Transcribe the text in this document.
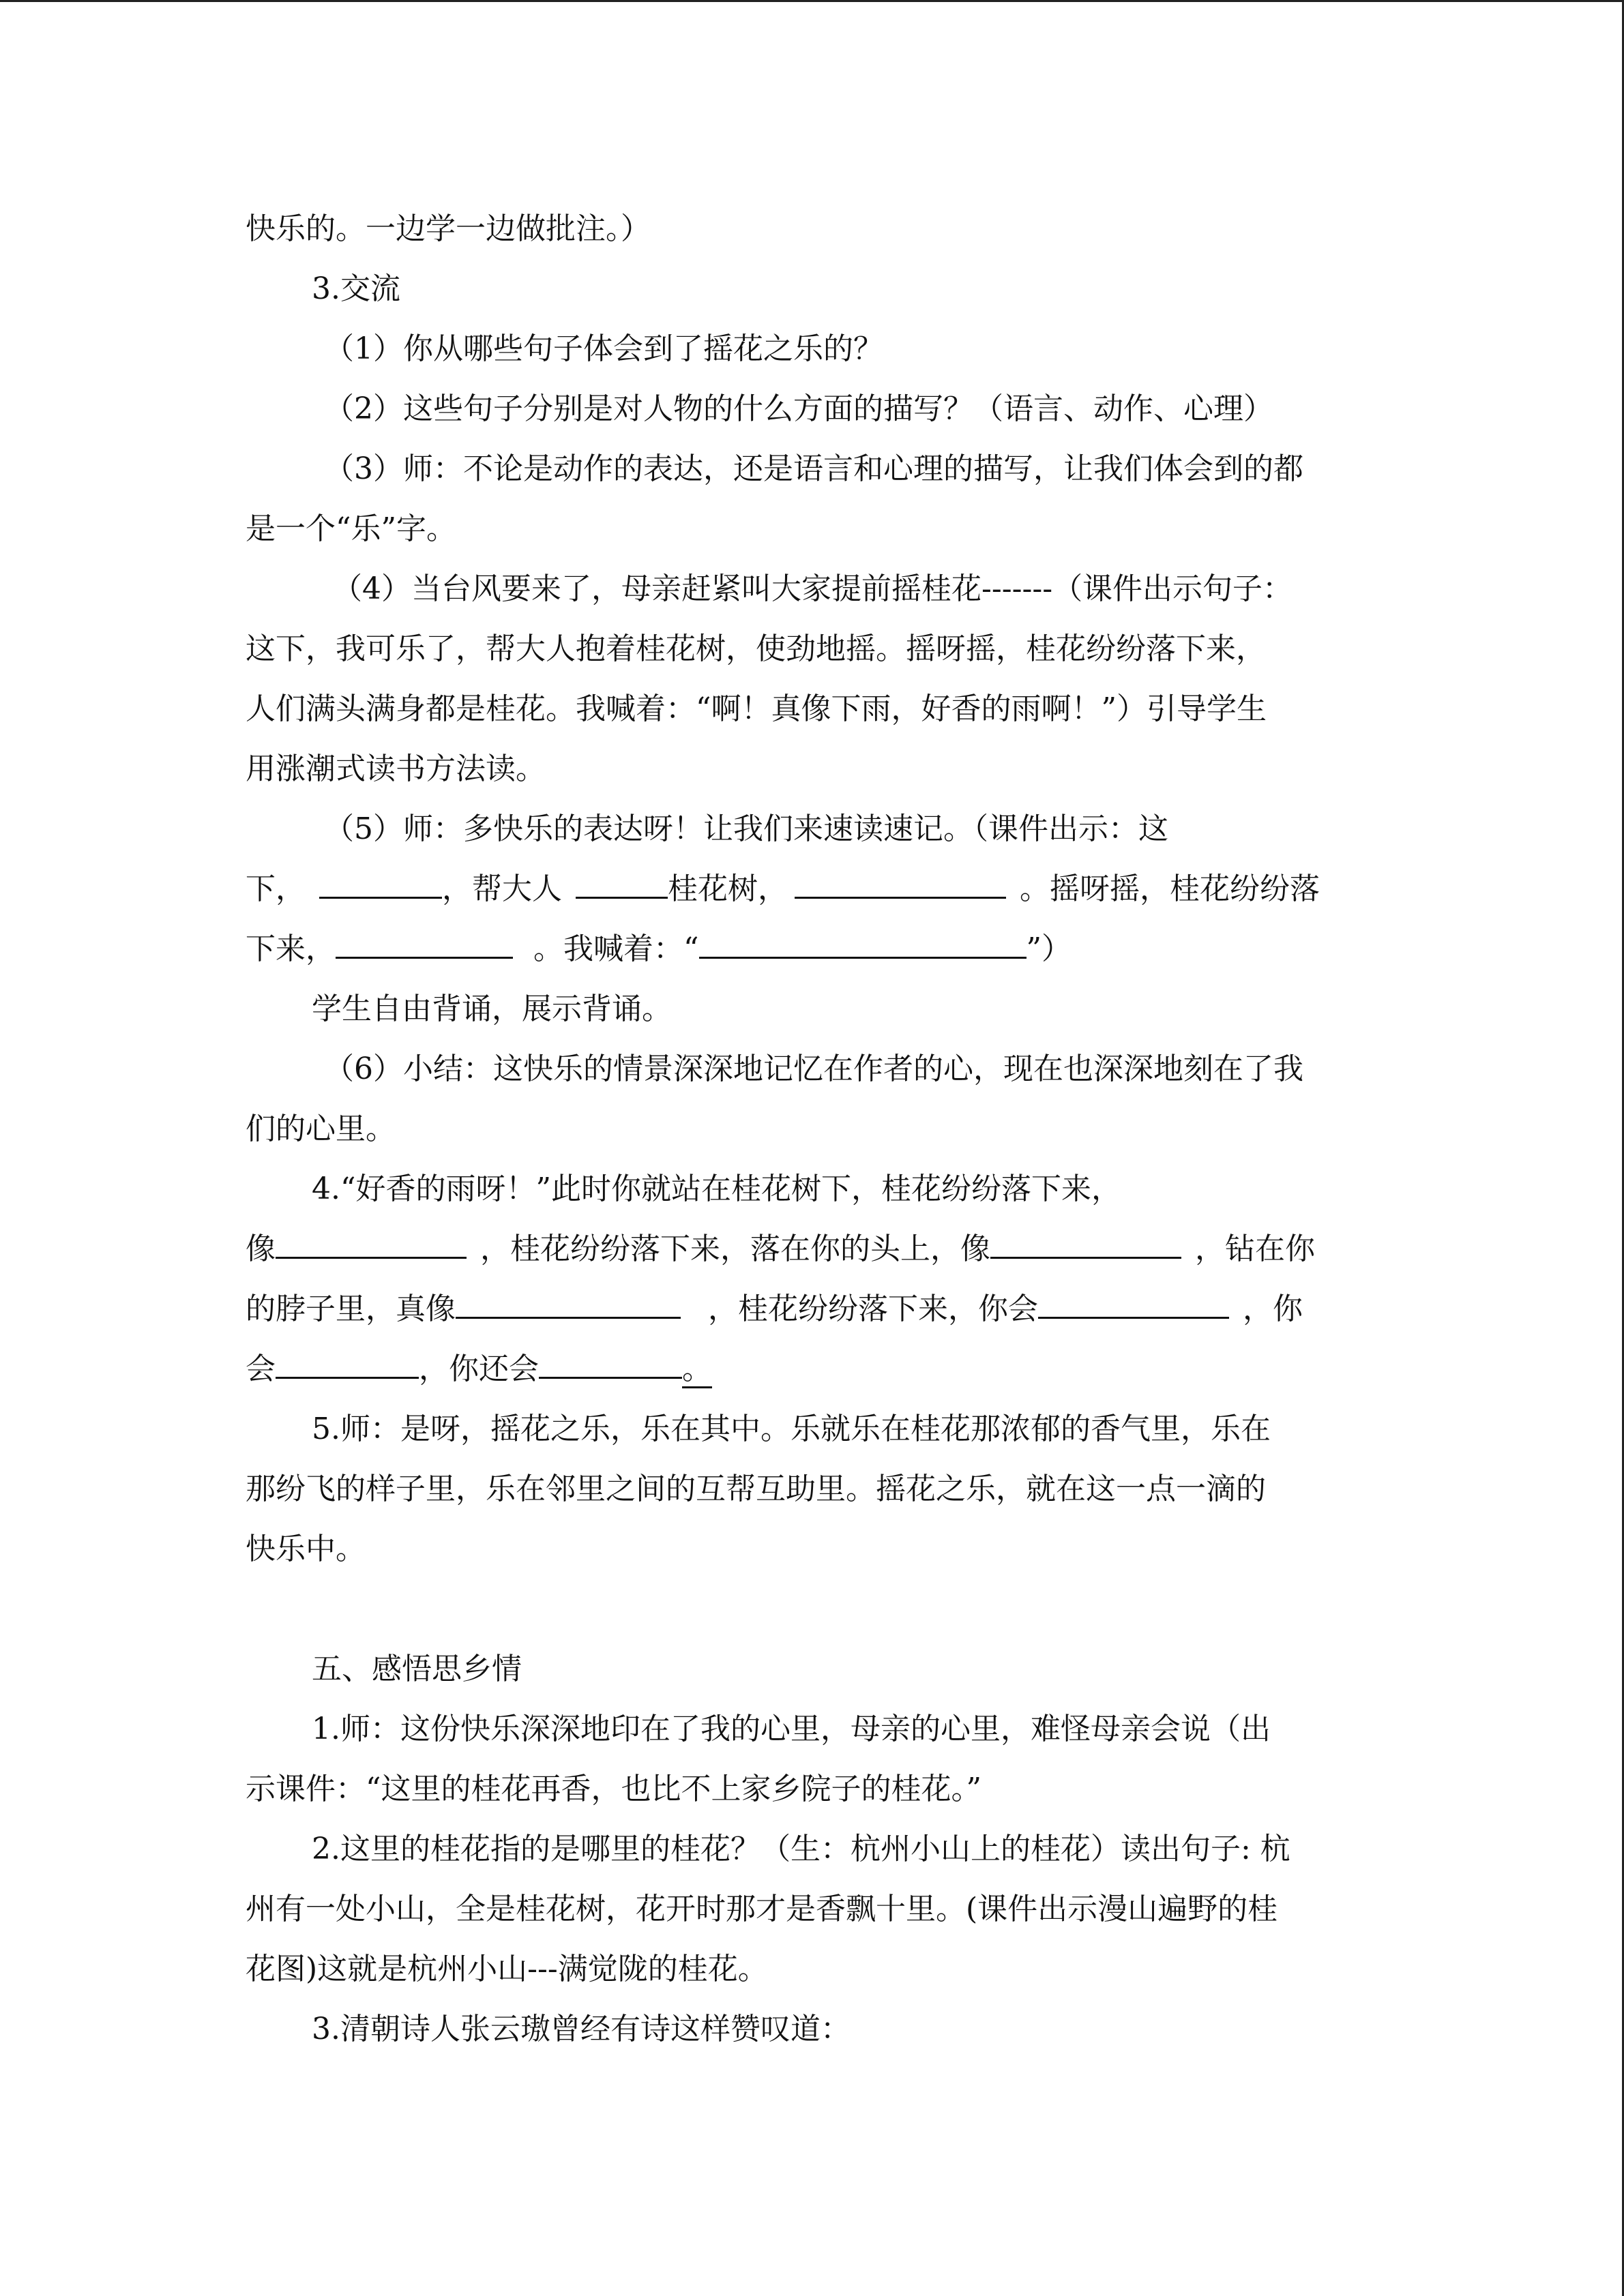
快乐的。一边学一边做批注。）
3.交流
（1）你从哪些句子体会到了摇花之乐的？
（2）这些句子分别是对人物的什么方面的描写？（语言、动作、心理）
（3）师：不论是动作的表达，还是语言和心理的描写，让我们体会到的都
是一个“乐”字。
（4）当台风要来了，母亲赶紧叫大家提前摇桂花-------（课件出示句子：
这下，我可乐了，帮大人抱着桂花树，使劲地摇。摇呀摇，桂花纷纷落下来，
人们满头满身都是桂花。我喊着：“啊！真像下雨，好香的雨啊！”）引导学生
用涨潮式读书方法读。
（5）师：多快乐的表达呀！让我们来速读速记。（课件出示：这
下，	，帮大人	桂花树，	。摇呀摇，桂花纷纷落
下来，	。我喊着：“	”）
学生自由背诵，展示背诵。
（6）小结：这快乐的情景深深地记忆在作者的心，现在也深深地刻在了我
们的心里。
4.“好香的雨呀！”此时你就站在桂花树下，桂花纷纷落下来，
像	，桂花纷纷落下来，落在你的头上，像	，钻在你
的脖子里，真像	，桂花纷纷落下来，你会	，你
会	，你还会	。
5.师：是呀，摇花之乐，乐在其中。乐就乐在桂花那浓郁的香气里，乐在
那纷飞的样子里，乐在邻里之间的互帮互助里。摇花之乐，就在这一点一滴的
快乐中。
五、感悟思乡情
1.师：这份快乐深深地印在了我的心里，母亲的心里，难怪母亲会说（出
示课件：“这里的桂花再香，也比不上家乡院子的桂花。”
2.这里的桂花指的是哪里的桂花？（生：杭州小山上的桂花）读出句子: 杭
州有一处小山，全是桂花树，花开时那才是香飘十里。(课件出示漫山遍野的桂
花图)这就是杭州小山---满觉陇的桂花。
3.清朝诗人张云璈曾经有诗这样赞叹道：
